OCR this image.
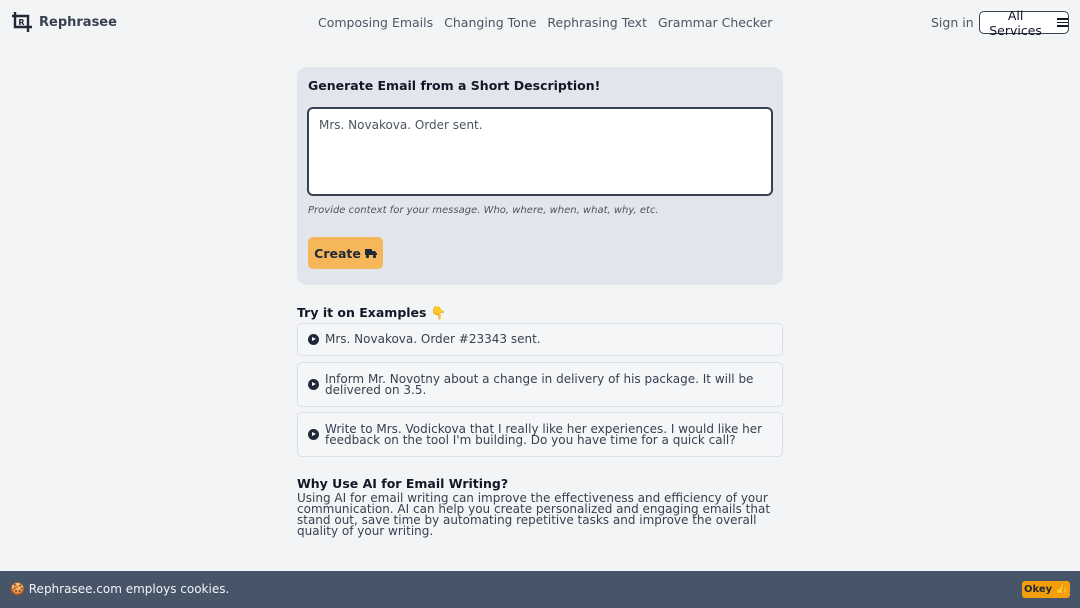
R Rephrasee	Composing Emails Changing Tone Rephrasing Text Grammar Checker	Sign in	All Services
Generate Email from a Short Description!
Mrs. Novakova. Order sent.
Provide context for your message. Who, where, when, what, why, etc.
Create
Try it on Examples 👇
Mrs. Novakova. Order #23343 sent.
Inform Mr. Novotny about a change in delivery of his package. It will be delivered on 3.5.
Write to Mrs. Vodickova that I really like her experiences. I would like her feedback on the tool I'm building. Do you have time for a quick call?
Why Use AI for Email Writing?

Using AI for email writing can improve the effectiveness and efficiency of your communication. AI can help you create personalized and engaging emails that stand out, save time by automating repetitive tasks and improve the overall quality of your writing.

🍪 Rephrasee.com employs cookies.	Okey 👍
